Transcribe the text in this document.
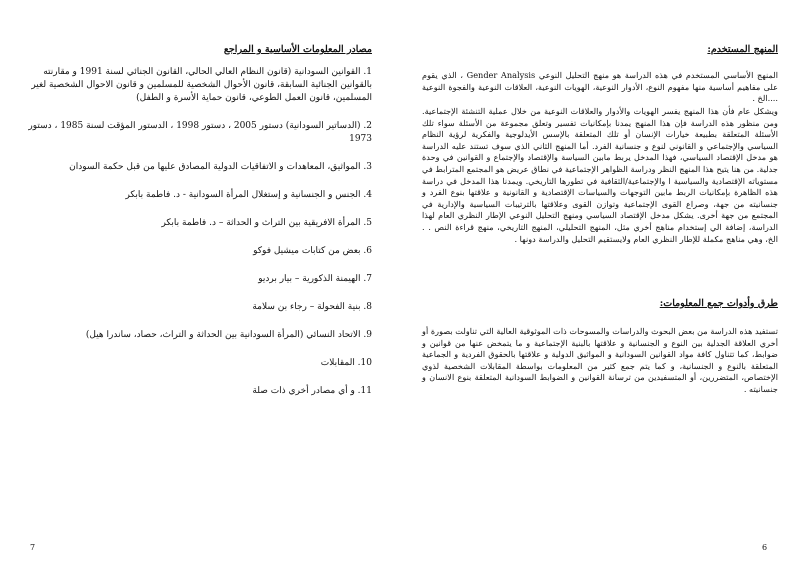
مصادر المعلومات الأساسية و المراجع
1. القوانين السودانية (قانون النظام العالي الحالي، القانون الجنائي لسنة 1991 و مقارنته بالقوانين الجنائية السابقة، قانون الأحوال الشخصية للمسلمين و قانون الاحوال الشخصية لغير المسلمين، قانون العمل الطوعي، قانون حماية الأسرة و الطفل)
2. (الدساتير السودانية) دستور 2005 ، دستور 1998 ، الدستور المؤقت لسنة 1985 ، دستور 1973
3. المواثيق، المعاهدات و الاتفاقيات الدولية المصادق عليها من قبل حكمة السودان
4. الجنس و الجنسانية و إستغلال المرأة السودانية - د. فاطمة بابكر
5. المرأة الافريقية بين التراث و الحداثة – د. فاطمة بابكر
6. بعض من كتابات ميشيل فوكو
7. الهيمنة الذكورية – بيار برديو
8. بنية الفحولة – رجاء بن سلامة
9. الاتحاد النسائي (المرأة السودانية بين الحداثة و التراث، حصاد، ساندرا هيل)
10. المقابلات
11. و أي مصادر أخري ذات صلة
7
المنهج المستخدم:

المنهج الأساسي المستخدم في هذه الدراسة هو منهج التحليل النوعي Gender Analysis ، الذي يقوم على مفاهيم أساسية منها مفهوم النوع، الأدوار النوعية، الهويات النوعية، العلاقات النوعية والفجوة النوعية ....الخ .

ويشكل عام فأن هذا المنهج يفسر الهويات والأدوار والعلاقات النوعية من خلال عملية التنشئة الإجتماعية. ومن منظور هذه الدراسة فإن هذا المنهج يمدنا بإمكانيات تفسير وتعلق مجموعة من الأسئلة سواء تلك الأسئلة المتعلقة بطبيعة خيارات الإنسان أو تلك المتعلقة بالإسس الأيدلوجية والفكرية لرؤية النظام السياسي والإجتماعي و القانوني لنوع و جنسانية الفرد. أما المنهج الثاني الذي سوف تستند عليه الدراسة هو مدخل الإقتصاد السياسي، فهذا المدخل يربط مابين السياسة والإقتصاد والإجتماع و القوانين في وحدة جدلية. من هنا يتيح هذا المنهج النظر ودراسة الظواهر الإجتماعية في نطاق عريض هو المجتمع المترابط في مستوياته الإقتصادية والسياسية ا والإجتماعية/الثقافية في تطورها التاريخي. ويمدنا هذا المدخل في دراسة هذه الظاهرة بإمكانيات الربط مابين التوجهات والسياسات الإقتصادية و القانونية و علاقتها بنوع الفرد و جنسانيته من جهة، وصراع القوى الإجتماعية وتوازن القوى وعلاقتها بالترتيبات السياسية والإدارية في المجتمع من جهة أخرى. يشكل مدخل الإقتصاد السياسي ومنهج التحليل النوعي الإطار النظري العام لهذا الدراسة، إضافة الي إستخدام مناهج أخري مثل، المنهج التحليلي، المنهج التاريخي، منهج قراءة النص . . الخ، وهي مناهج مكملة للإطار النظري العام ولايستقيم التحليل والدراسة دونها .

طرق وأدوات جمع المعلومات:

تستفيد هذه الدراسة من بعض البحوث والدراسات والمسوحات ذات الموثوقية العالية التي تناولت بصورة أو أخري العلاقة الجدلية بين النوع و الجنسانية و علاقتها بالبنية الإجتماعية و ما يتمخض عنها من قوانين و ضوابط، كما تتناول كافة مواد القوانين السودانية و المواثيق الدولية و علاقتها بالحقوق الفردية و الجماعية المتعلقة بالنوع و الجنسانية، و كما يتم جمع كثير من المعلومات بواسطة المقابلات الشخصية لذوي الإختصاص، المتضررين، أو المتسفيدين من ترسانة القوانين و الضوابط السودانية المتعلقة بنوع الانسان و جنسانيته .

6
